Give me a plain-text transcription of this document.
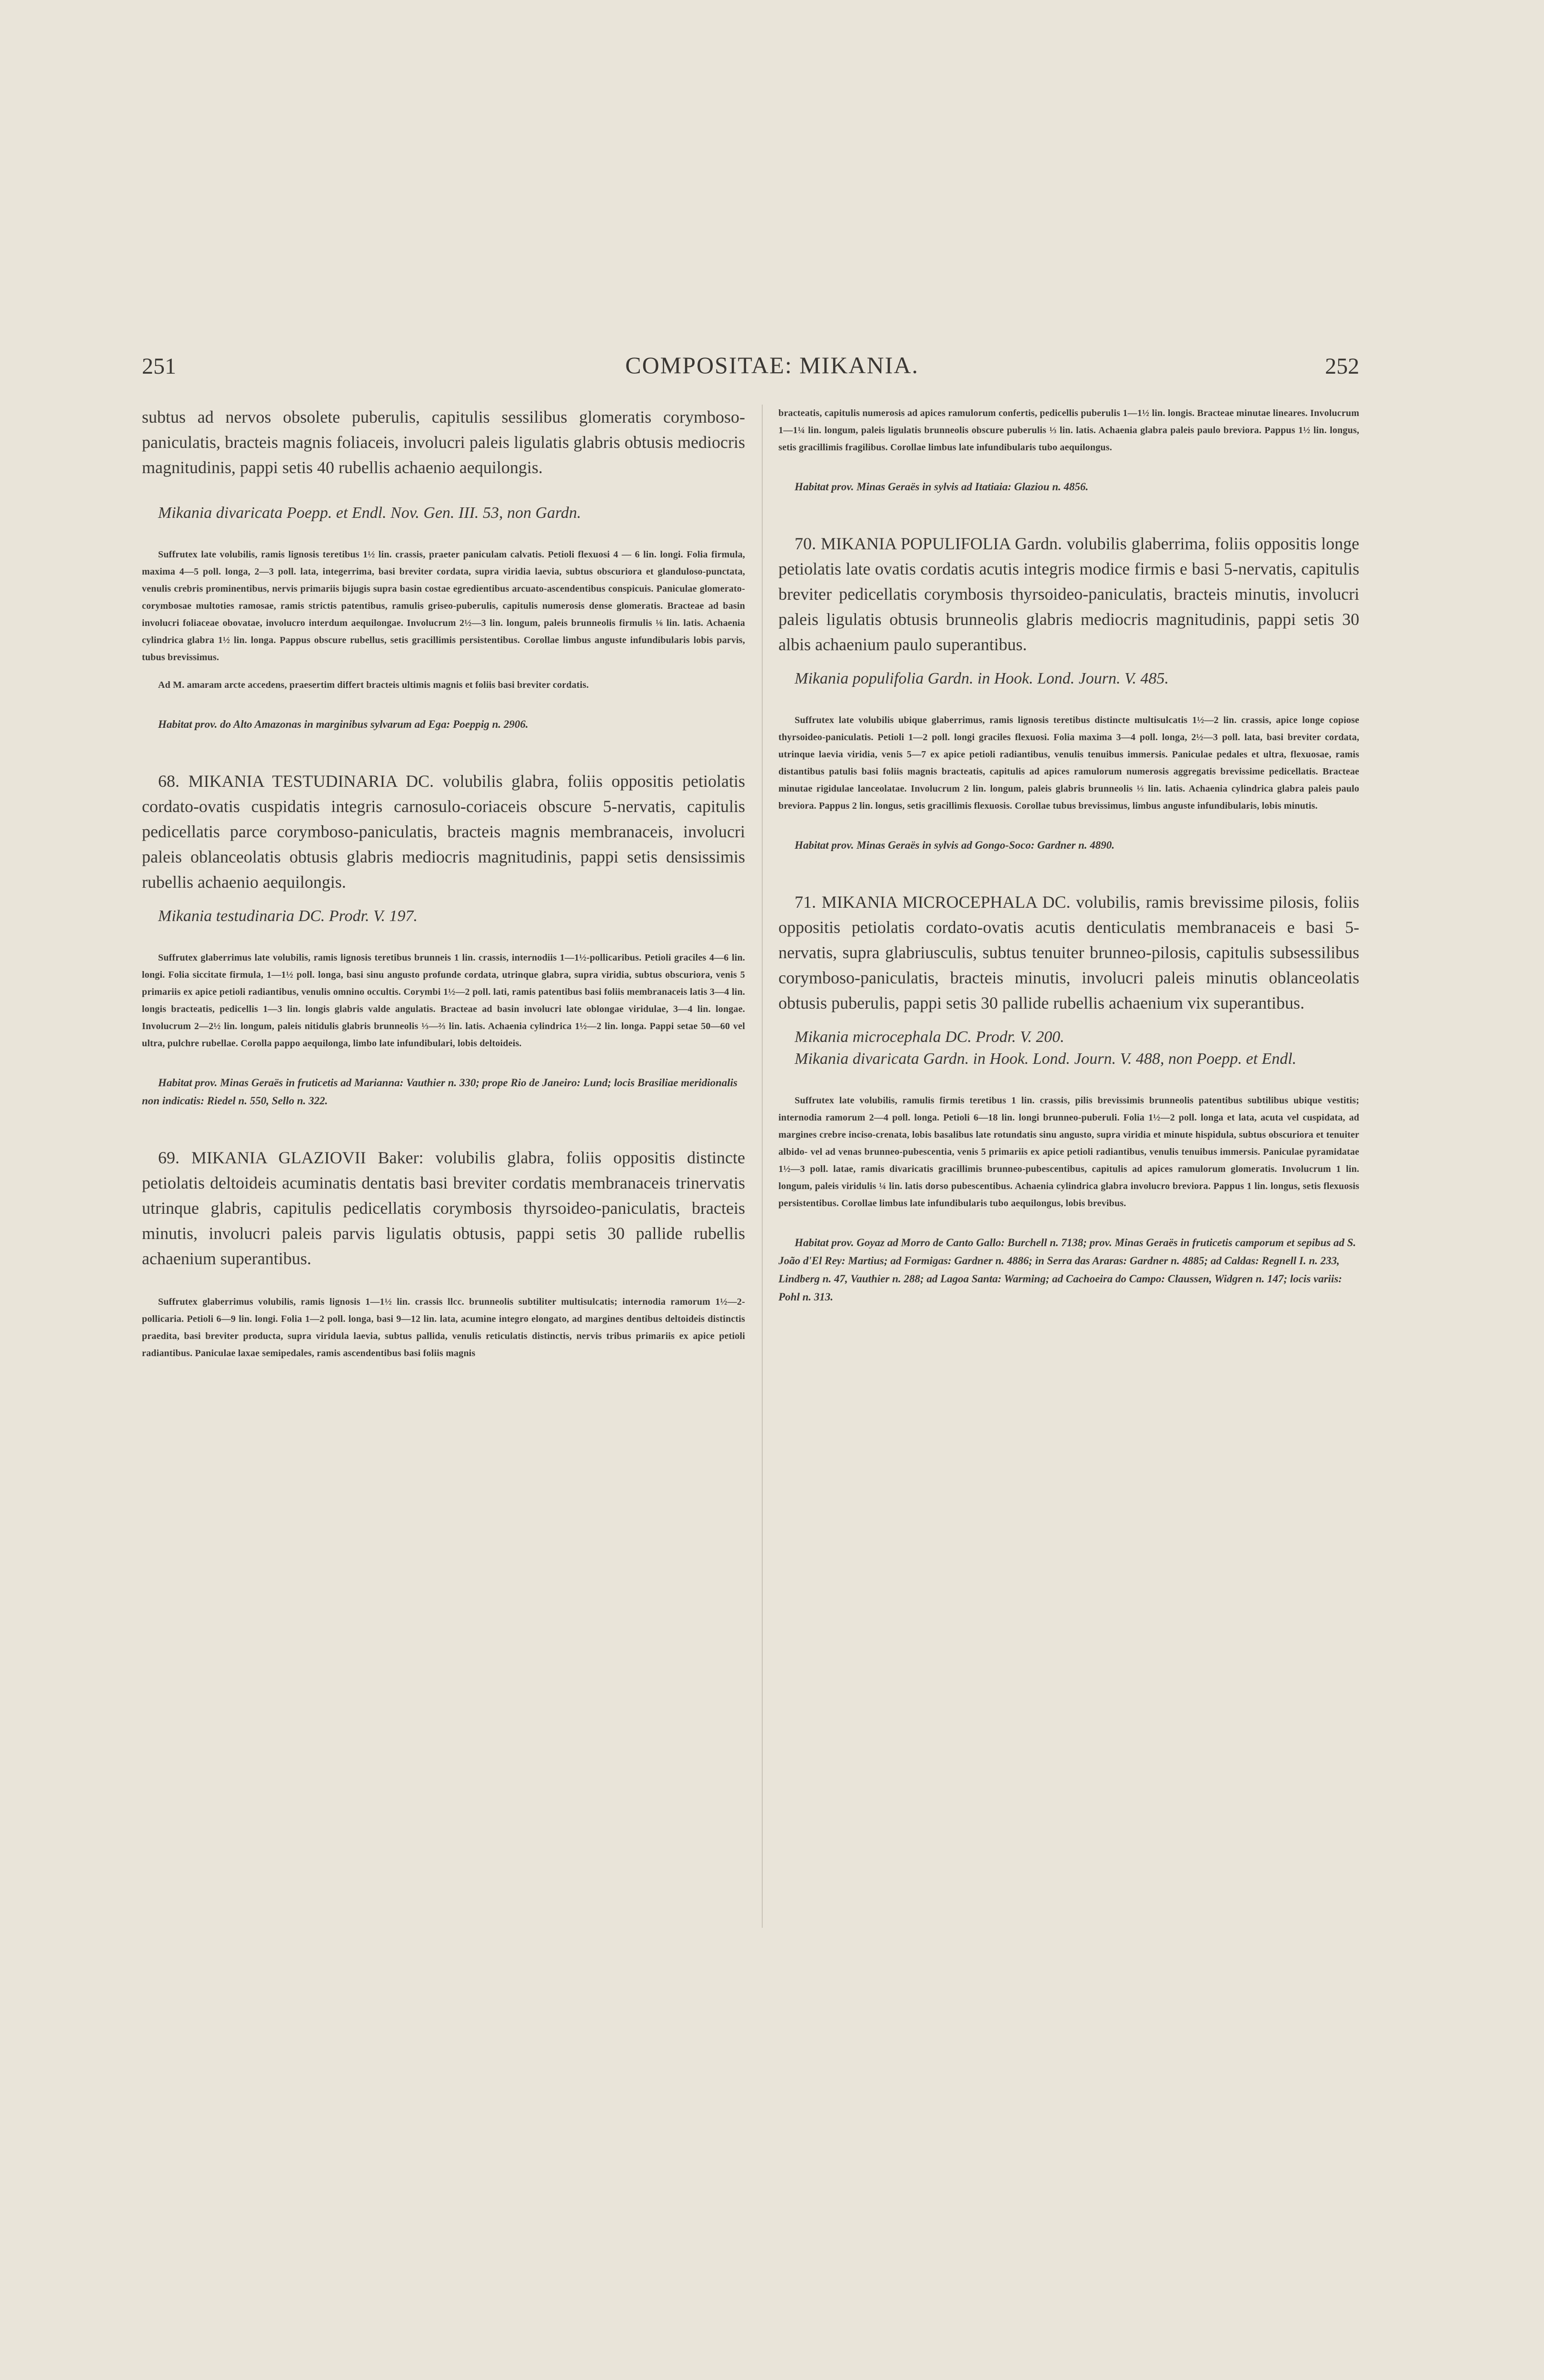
251	COMPOSITAE: MIKANIA.	252

subtus ad nervos obsolete puberulis, capitulis sessilibus glomeratis corymboso-paniculatis, bracteis magnis foliaceis, involucri paleis ligulatis glabris obtusis mediocris magnitudinis, pappi setis 40 rubellis achaenio aequilongis.

Mikania divaricata Poepp. et Endl. Nov. Gen. III. 53, non Gardn.

Suffrutex late volubilis, ramis lignosis teretibus 1½ lin. crassis, praeter paniculam calvatis. Petioli flexuosi 4 — 6 lin. longi. Folia firmula, maxima 4—5 poll. longa, 2—3 poll. lata, integerrima, basi breviter cordata, supra viridia laevia, subtus obscuriora et glanduloso-punctata, venulis crebris prominentibus, nervis primariis bijugis supra basin costae egredientibus arcuato-ascendentibus conspicuis. Paniculae glomerato-corymbosae multoties ramosae, ramis strictis patentibus, ramulis griseo-puberulis, capitulis numerosis dense glomeratis. Bracteae ad basin involucri foliaceae obovatae, involucro interdum aequilongae. Involucrum 2½—3 lin. longum, paleis brunneolis firmulis ⅛ lin. latis. Achaenia cylindrica glabra 1½ lin. longa. Pappus obscure rubellus, setis gracillimis persistentibus. Corollae limbus anguste infundibularis lobis parvis, tubus brevissimus.

Ad M. amaram arcte accedens, praesertim differt bracteis ultimis magnis et foliis basi breviter cordatis.

Habitat prov. do Alto Amazonas in marginibus sylvarum ad Ega: Poeppig n. 2906.

68. MIKANIA TESTUDINARIA DC. volubilis glabra, foliis oppositis petiolatis cordato-ovatis cuspidatis integris carnosulo-coriaceis obscure 5-nervatis, capitulis pedicellatis parce corymboso-paniculatis, bracteis magnis membranaceis, involucri paleis oblanceolatis obtusis glabris mediocris magnitudinis, pappi setis densissimis rubellis achaenio aequilongis.

Mikania testudinaria DC. Prodr. V. 197.

Suffrutex glaberrimus late volubilis, ramis lignosis teretibus brunneis 1 lin. crassis, internodiis 1—1½-pollicaribus. Petioli graciles 4—6 lin. longi. Folia siccitate firmula, 1—1½ poll. longa, basi sinu angusto profunde cordata, utrinque glabra, supra viridia, subtus obscuriora, venis 5 primariis ex apice petioli radiantibus, venulis omnino occultis. Corymbi 1½—2 poll. lati, ramis patentibus basi foliis membranaceis latis 3—4 lin. longis bracteatis, pedicellis 1—3 lin. longis glabris valde angulatis. Bracteae ad basin involucri late oblongae viridulae, 3—4 lin. longae. Involucrum 2—2½ lin. longum, paleis nitidulis glabris brunneolis ⅓—⅔ lin. latis. Achaenia cylindrica 1½—2 lin. longa. Pappi setae 50—60 vel ultra, pulchre rubellae. Corolla pappo aequilonga, limbo late infundibulari, lobis deltoideis.

Habitat prov. Minas Geraës in fruticetis ad Marianna: Vauthier n. 330; prope Rio de Janeiro: Lund; locis Brasiliae meridionalis non indicatis: Riedel n. 550, Sello n. 322.

69. MIKANIA GLAZIOVII Baker: volubilis glabra, foliis oppositis distincte petiolatis deltoideis acuminatis dentatis basi breviter cordatis membranaceis trinervatis utrinque glabris, capitulis pedicellatis corymbosis thyrsoideo-paniculatis, bracteis minutis, involucri paleis parvis ligulatis obtusis, pappi setis 30 pallide rubellis achaenium superantibus.

Suffrutex glaberrimus volubilis, ramis lignosis 1—1½ lin. crassis llcc. brunneolis subtiliter multisulcatis; internodia ramorum 1½—2-pollicaria. Petioli 6—9 lin. longi. Folia 1—2 poll. longa, basi 9—12 lin. lata, acumine integro elongato, ad margines dentibus deltoideis distinctis praedita, basi breviter producta, supra viridula laevia, subtus pallida, venulis reticulatis distinctis, nervis tribus primariis ex apice petioli radiantibus. Paniculae laxae semipedales, ramis ascendentibus basi foliis magnis

bracteatis, capitulis numerosis ad apices ramulorum confertis, pedicellis puberulis 1—1½ lin. longis. Bracteae minutae lineares. Involucrum 1—1¼ lin. longum, paleis ligulatis brunneolis obscure puberulis ⅓ lin. latis. Achaenia glabra paleis paulo breviora. Pappus 1½ lin. longus, setis gracillimis fragilibus. Corollae limbus late infundibularis tubo aequilongus.

Habitat prov. Minas Geraës in sylvis ad Itatiaia: Glaziou n. 4856.

70. MIKANIA POPULIFOLIA Gardn. volubilis glaberrima, foliis oppositis longe petiolatis late ovatis cordatis acutis integris modice firmis e basi 5-nervatis, capitulis breviter pedicellatis corymbosis thyrsoideo-paniculatis, bracteis minutis, involucri paleis ligulatis obtusis brunneolis glabris mediocris magnitudinis, pappi setis 30 albis achaenium paulo superantibus.

Mikania populifolia Gardn. in Hook. Lond. Journ. V. 485.

Suffrutex late volubilis ubique glaberrimus, ramis lignosis teretibus distincte multisulcatis 1½—2 lin. crassis, apice longe copiose thyrsoideo-paniculatis. Petioli 1—2 poll. longi graciles flexuosi. Folia maxima 3—4 poll. longa, 2½—3 poll. lata, basi breviter cordata, utrinque laevia viridia, venis 5—7 ex apice petioli radiantibus, venulis tenuibus immersis. Paniculae pedales et ultra, flexuosae, ramis distantibus patulis basi foliis magnis bracteatis, capitulis ad apices ramulorum numerosis aggregatis brevissime pedicellatis. Bracteae minutae rigidulae lanceolatae. Involucrum 2 lin. longum, paleis glabris brunneolis ⅓ lin. latis. Achaenia cylindrica glabra paleis paulo breviora. Pappus 2 lin. longus, setis gracillimis flexuosis. Corollae tubus brevissimus, limbus anguste infundibularis, lobis minutis.

Habitat prov. Minas Geraës in sylvis ad Gongo-Soco: Gardner n. 4890.

71. MIKANIA MICROCEPHALA DC. volubilis, ramis brevissime pilosis, foliis oppositis petiolatis cordato-ovatis acutis denticulatis membranaceis e basi 5-nervatis, supra glabriusculis, subtus tenuiter brunneo-pilosis, capitulis subsessilibus corymboso-paniculatis, bracteis minutis, involucri paleis minutis oblanceolatis obtusis puberulis, pappi setis 30 pallide rubellis achaenium vix superantibus.

Mikania microcephala DC. Prodr. V. 200.

Mikania divaricata Gardn. in Hook. Lond. Journ. V. 488, non Poepp. et Endl.

Suffrutex late volubilis, ramulis firmis teretibus 1 lin. crassis, pilis brevissimis brunneolis patentibus subtilibus ubique vestitis; internodia ramorum 2—4 poll. longa. Petioli 6—18 lin. longi brunneo-puberuli. Folia 1½—2 poll. longa et lata, acuta vel cuspidata, ad margines crebre inciso-crenata, lobis basalibus late rotundatis sinu angusto, supra viridia et minute hispidula, subtus obscuriora et tenuiter albido- vel ad venas brunneo-pubescentia, venis 5 primariis ex apice petioli radiantibus, venulis tenuibus immersis. Paniculae pyramidatae 1½—3 poll. latae, ramis divaricatis gracillimis brunneo-pubescentibus, capitulis ad apices ramulorum glomeratis. Involucrum 1 lin. longum, paleis viridulis ¼ lin. latis dorso pubescentibus. Achaenia cylindrica glabra involucro breviora. Pappus 1 lin. longus, setis flexuosis persistentibus. Corollae limbus late infundibularis tubo aequilongus, lobis brevibus.

Habitat prov. Goyaz ad Morro de Canto Gallo: Burchell n. 7138; prov. Minas Geraës in fruticetis camporum et sepibus ad S. João d'El Rey: Martius; ad Formigas: Gardner n. 4886; in Serra das Araras: Gardner n. 4885; ad Caldas: Regnell I. n. 233, Lindberg n. 47, Vauthier n. 288; ad Lagoa Santa: Warming; ad Cachoeira do Campo: Claussen, Widgren n. 147; locis variis: Pohl n. 313.
